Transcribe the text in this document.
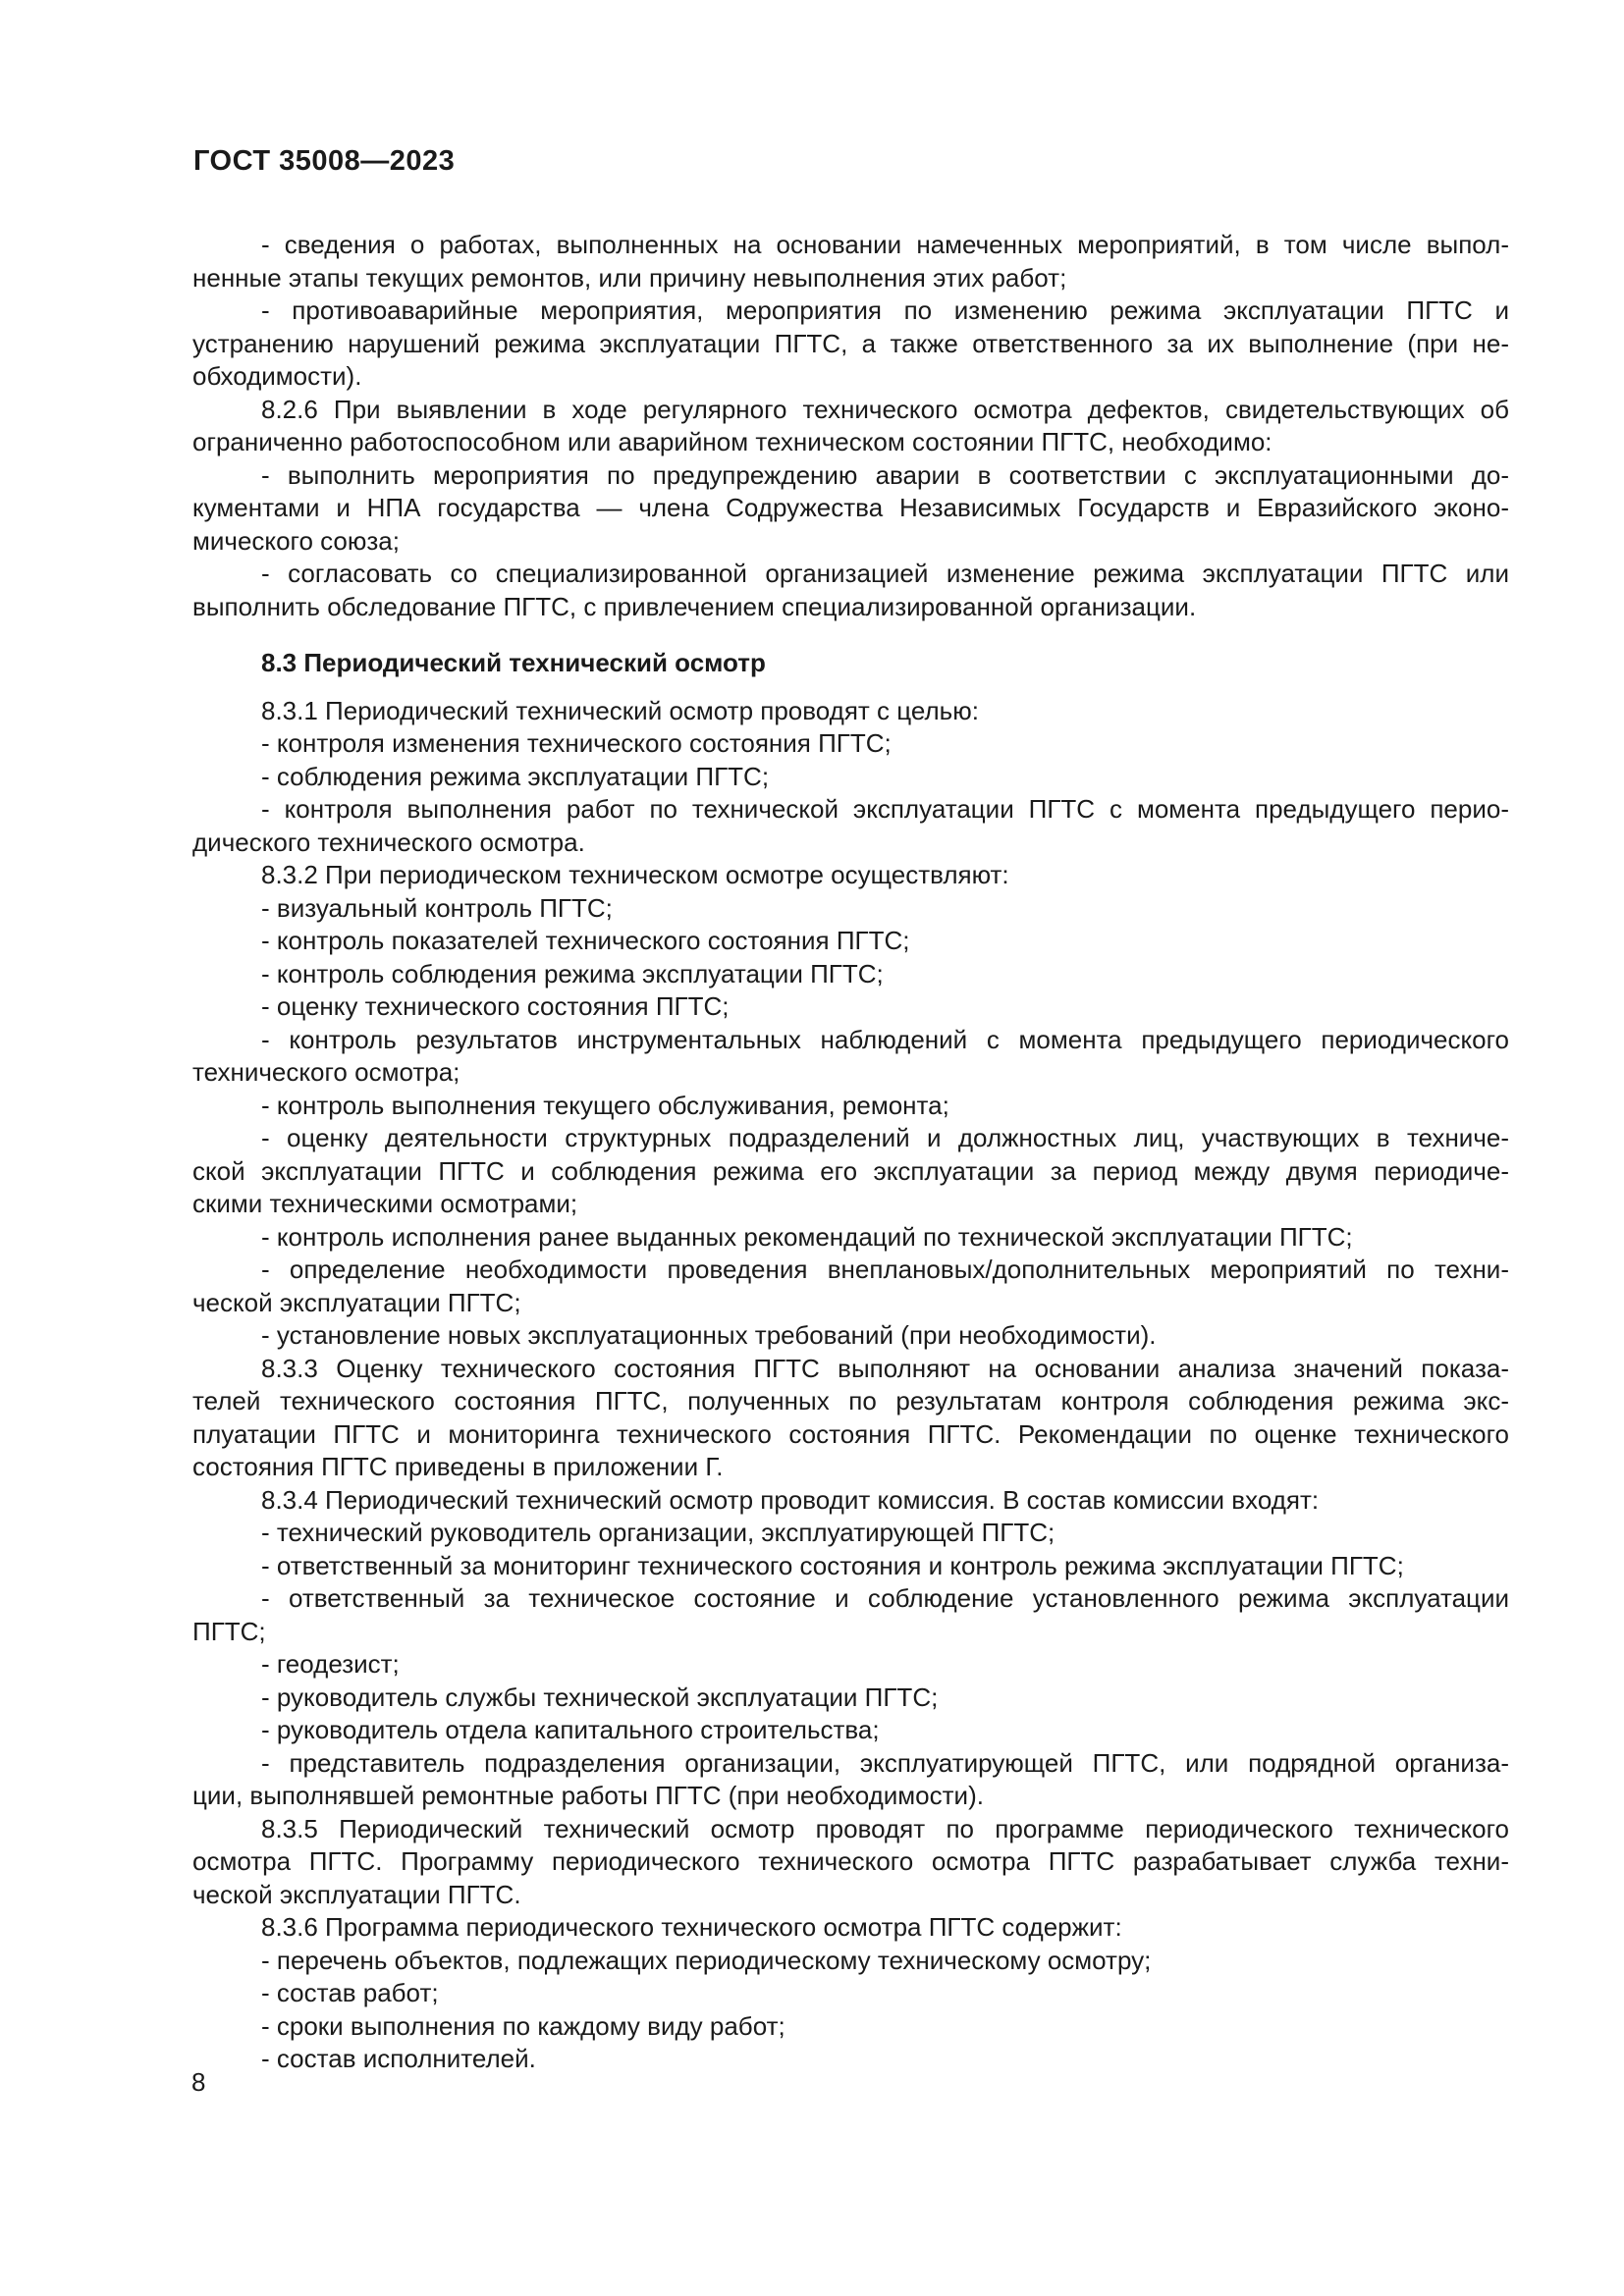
ГОСТ 35008—2023
- сведения о работах, выполненных на основании намеченных мероприятий, в том числе выпол-
ненные этапы текущих ремонтов, или причину невыполнения этих работ;
- противоаварийные мероприятия, мероприятия по изменению режима эксплуатации ПГТС и
устранению нарушений режима эксплуатации ПГТС, а также ответственного за их выполнение (при не-
обходимости).
8.2.6 При выявлении в ходе регулярного технического осмотра дефектов, свидетельствующих об
ограниченно работоспособном или аварийном техническом состоянии ПГТС, необходимо:
- выполнить мероприятия по предупреждению аварии в соответствии с эксплуатационными до-
кументами и НПА государства — члена Содружества Независимых Государств и Евразийского эконо-
мического союза;
- согласовать со специализированной организацией изменение режима эксплуатации ПГТС или
выполнить обследование ПГТС, с привлечением специализированной организации.
8.3 Периодический технический осмотр
8.3.1 Периодический технический осмотр проводят с целью:
- контроля изменения технического состояния ПГТС;
- соблюдения режима эксплуатации ПГТС;
- контроля выполнения работ по технической эксплуатации ПГТС с момента предыдущего перио-
дического технического осмотра.
8.3.2 При периодическом техническом осмотре осуществляют:
- визуальный контроль ПГТС;
- контроль показателей технического состояния ПГТС;
- контроль соблюдения режима эксплуатации ПГТС;
- оценку технического состояния ПГТС;
- контроль результатов инструментальных наблюдений с момента предыдущего периодического
технического осмотра;
- контроль выполнения текущего обслуживания, ремонта;
- оценку деятельности структурных подразделений и должностных лиц, участвующих в техниче-
ской эксплуатации ПГТС и соблюдения режима его эксплуатации за период между двумя периодиче-
скими техническими осмотрами;
- контроль исполнения ранее выданных рекомендаций по технической эксплуатации ПГТС;
- определение необходимости проведения внеплановых/дополнительных мероприятий по техни-
ческой эксплуатации ПГТС;
- установление новых эксплуатационных требований (при необходимости).
8.3.3 Оценку технического состояния ПГТС выполняют на основании анализа значений показа-
телей технического состояния ПГТС, полученных по результатам контроля соблюдения режима экс-
плуатации ПГТС и мониторинга технического состояния ПГТС. Рекомендации по оценке технического
состояния ПГТС приведены в приложении Г.
8.3.4 Периодический технический осмотр проводит комиссия. В состав комиссии входят:
- технический руководитель организации, эксплуатирующей ПГТС;
- ответственный за мониторинг технического состояния и контроль режима эксплуатации ПГТС;
- ответственный за техническое состояние и соблюдение установленного режима эксплуатации
ПГТС;
- геодезист;
- руководитель службы технической эксплуатации ПГТС;
- руководитель отдела капитального строительства;
- представитель подразделения организации, эксплуатирующей ПГТС, или подрядной организа-
ции, выполнявшей ремонтные работы ПГТС (при необходимости).
8.3.5 Периодический технический осмотр проводят по программе периодического технического
осмотра ПГТС. Программу периодического технического осмотра ПГТС разрабатывает служба техни-
ческой эксплуатации ПГТС.
8.3.6 Программа периодического технического осмотра ПГТС содержит:
- перечень объектов, подлежащих периодическому техническому осмотру;
- состав работ;
- сроки выполнения по каждому виду работ;
- состав исполнителей.
8
